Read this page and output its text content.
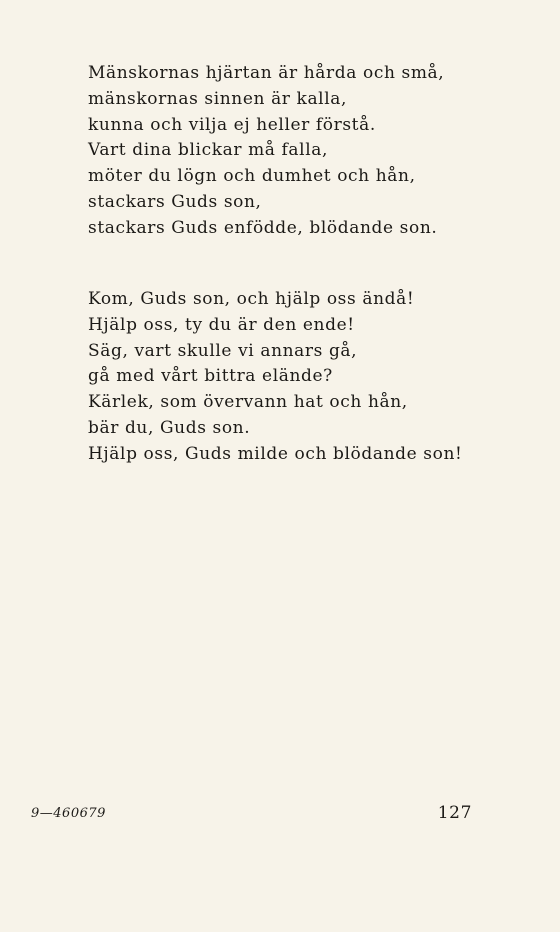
Mänskornas hjärtan är hårda och små,
mänskornas sinnen är kalla,
kunna och vilja ej heller förstå.
Vart dina blickar må falla,
möter du lögn och dumhet och hån,
stackars Guds son,
stackars Guds enfödde, blödande son.
Kom, Guds son, och hjälp oss ändå!
Hjälp oss, ty du är den ende!
Säg, vart skulle vi annars gå,
gå med vårt bittra elände?
Kärlek, som övervann hat och hån,
bär du, Guds son.
Hjälp oss, Guds milde och blödande son!
9—460679	127
